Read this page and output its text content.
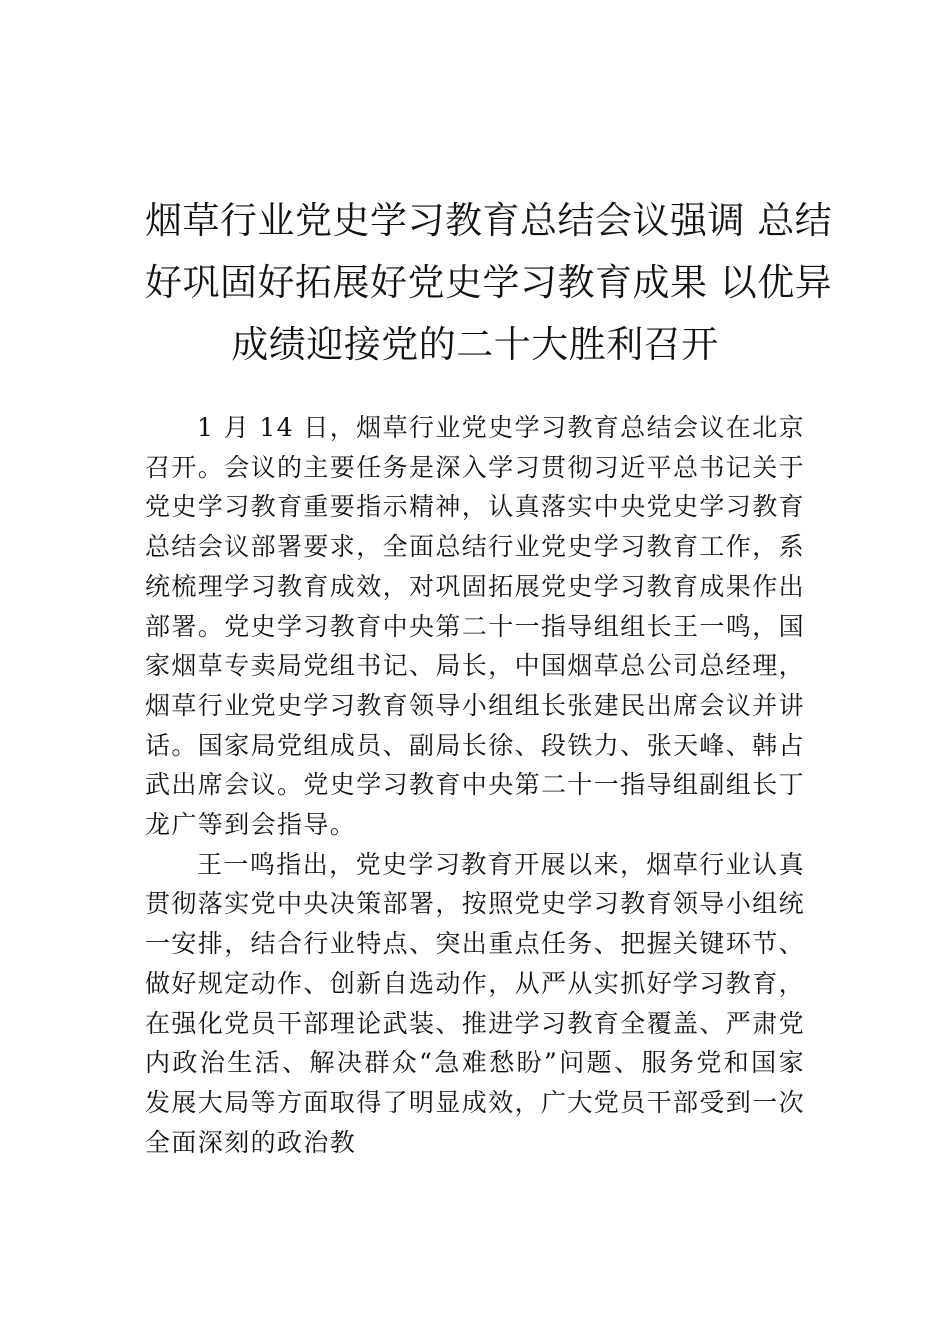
烟草行业党史学习教育总结会议强调 总结
好巩固好拓展好党史学习教育成果 以优异
成绩迎接党的二十大胜利召开

1 月 14 日，烟草行业党史学习教育总结会议在北京召开。会议的主要任务是深入学习贯彻习近平总书记关于党史学习教育重要指示精神，认真落实中央党史学习教育总结会议部署要求，全面总结行业党史学习教育工作，系统梳理学习教育成效，对巩固拓展党史学习教育成果作出部署。党史学习教育中央第二十一指导组组长王一鸣，国家烟草专卖局党组书记、局长，中国烟草总公司总经理，烟草行业党史学习教育领导小组组长张建民出席会议并讲话。国家局党组成员、副局长徐、段铁力、张天峰、韩占武出席会议。党史学习教育中央第二十一指导组副组长丁龙广等到会指导。

王一鸣指出，党史学习教育开展以来，烟草行业认真贯彻落实党中央决策部署，按照党史学习教育领导小组统一安排，结合行业特点、突出重点任务、把握关键环节、做好规定动作、创新自选动作，从严从实抓好学习教育，在强化党员干部理论武装、推进学习教育全覆盖、严肃党内政治生活、解决群众“急难愁盼”问题、服务党和国家发展大局等方面取得了明显成效，广大党员干部受到一次全面深刻的政治教
